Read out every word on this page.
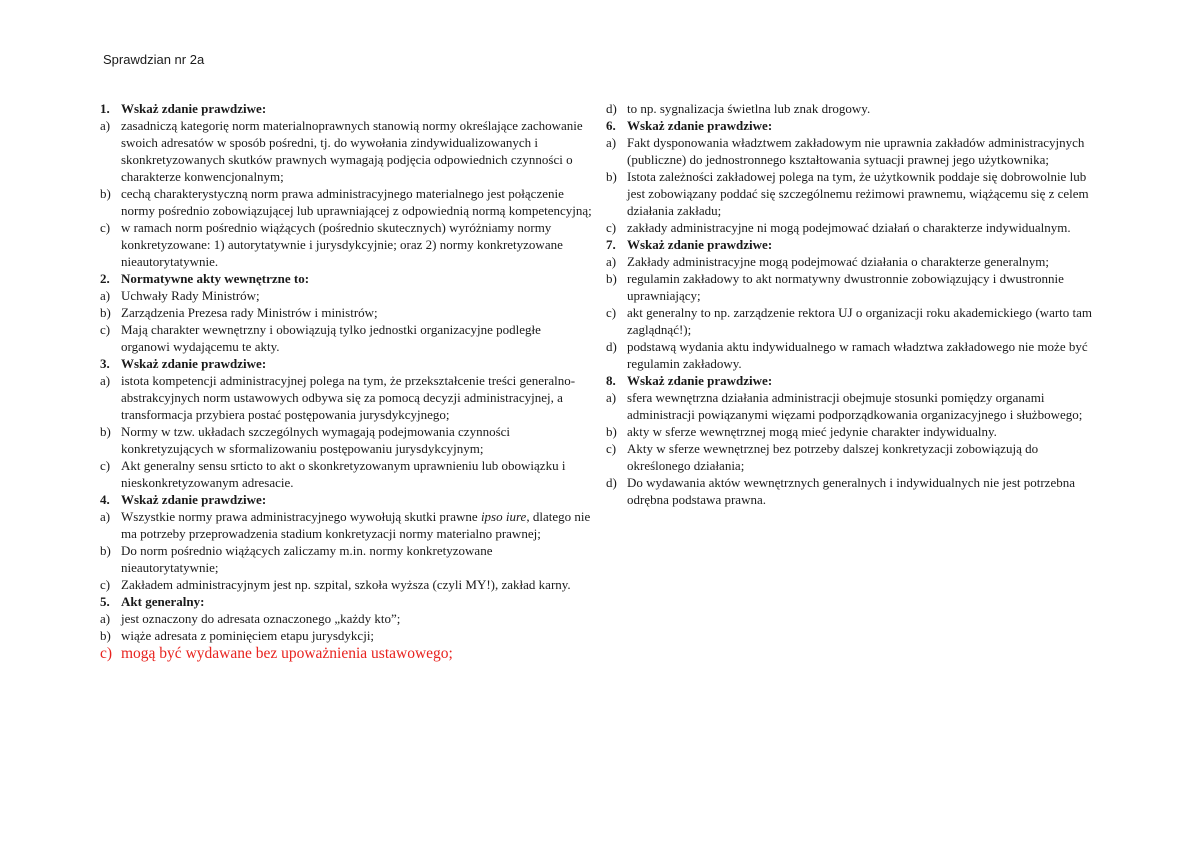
Sprawdzian nr 2a
1. Wskaż zdanie prawdziwe:
a) zasadniczą kategorię norm materialnoprawnych stanowią normy określające zachowanie swoich adresatów w sposób pośredni, tj. do wywołania zindywidualizowanych i skonkretyzowanych skutków prawnych wymagają podjęcia odpowiednich czynności o charakterze konwencjonalnym;
b) cechą charakterystyczną norm prawa administracyjnego materialnego jest połączenie normy pośrednio zobowiązującej lub uprawniającej z odpowiednią normą kompetencyjną;
c) w ramach norm pośrednio wiążących (pośrednio skutecznych) wyróżniamy normy konkretyzowane: 1) autorytatywnie i jurysdykcyjnie; oraz 2) normy konkretyzowane nieautorytatywnie.
2. Normatywne akty wewnętrzne to:
a) Uchwały Rady Ministrów;
b) Zarządzenia Prezesa rady Ministrów i ministrów;
c) Mają charakter wewnętrzny i obowiązują tylko jednostki organizacyjne podległe organowi wydającemu te akty.
3. Wskaż zdanie prawdziwe:
a) istota kompetencji administracyjnej polega na tym, że przekształcenie treści generalno-abstrakcyjnych norm ustawowych odbywa się za pomocą decyzji administracyjnej, a transformacja przybiera postać postępowania jurysdykcyjnego;
b) Normy w tzw. układach szczególnych wymagają podejmowania czynności konkretyzujących w sformalizowaniu postępowaniu jurysdykcyjnym;
c) Akt generalny sensu srticto to akt o skonkretyzowanym uprawnieniu lub obowiązku i nieskonkretyzowanym adresacie.
4. Wskaż zdanie prawdziwe:
a) Wszystkie normy prawa administracyjnego wywołują skutki prawne ipso iure, dlatego nie ma potrzeby przeprowadzenia stadium konkretyzacji normy materialno prawnej;
b) Do norm pośrednio wiążących zaliczamy m.in. normy konkretyzowane nieautorytatywnie;
c) Zakładem administracyjnym jest np. szpital, szkoła wyższa (czyli MY!), zakład karny.
5. Akt generalny:
a) jest oznaczony do adresata oznaczonego „każdy kto”;
b) wiąże adresata z pominięciem etapu jurysdykcji;
c) mogą być wydawane bez upoważnienia ustawowego;
d) to np. sygnalizacja świetlna lub znak drogowy.
6. Wskaż zdanie prawdziwe:
a) Fakt dysponowania władztwem zakładowym nie uprawnia zakładów administracyjnych (publiczne) do jednostronnego kształtowania sytuacji prawnej jego użytkownika;
b) Istota zależności zakładowej polega na tym, że użytkownik poddaje się dobrowolnie lub jest zobowiązany poddać się szczególnemu reżimowi prawnemu, wiążącemu się z celem działania zakładu;
c) zakłady administracyjne ni mogą podejmować działań o charakterze indywidualnym.
7. Wskaż zdanie prawdziwe:
a) Zakłady administracyjne mogą podejmować działania o charakterze generalnym;
b) regulamin zakładowy to akt normatywny dwustronnie zobowiązujący i dwustronnie uprawniający;
c) akt generalny to np. zarządzenie rektora UJ o organizacji roku akademickiego (warto tam zaglądnąć!);
d) podstawą wydania aktu indywidualnego w ramach władztwa zakładowego nie może być regulamin zakładowy.
8. Wskaż zdanie prawdziwe:
a) sfera wewnętrzna działania administracji obejmuje stosunki pomiędzy organami administracji powiązanymi więzami podporządkowania organizacyjnego i służbowego;
b) akty w sferze wewnętrznej mogą mieć jedynie charakter indywidualny.
c) Akty w sferze wewnętrznej bez potrzeby dalszej konkretyzacji zobowiązują do określonego działania;
d) Do wydawania aktów wewnętrznych generalnych i indywidualnych nie jest potrzebna odrębna podstawa prawna.
